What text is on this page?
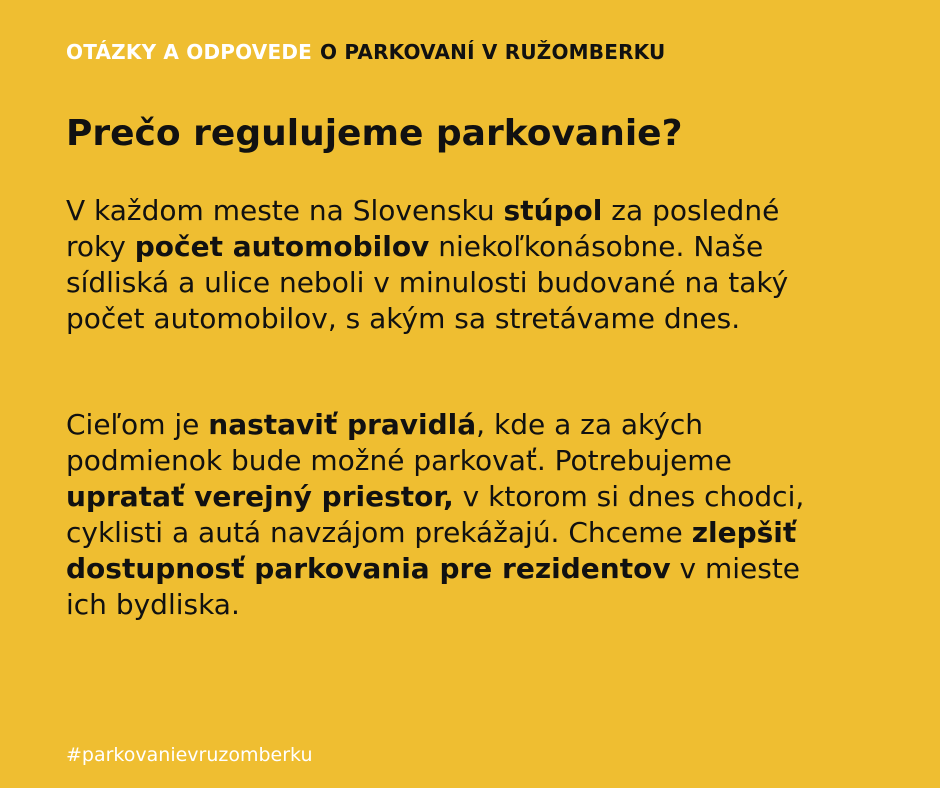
OTÁZKY A ODPOVEDE O PARKOVANÍ V RUŽOMBERKU
Prečo regulujeme parkovanie?

V každom meste na Slovensku stúpol za posledné roky počet automobilov niekoľkonásobne. Naše sídliská a ulice neboli v minulosti budované na taký počet automobilov, s akým sa stretávame dnes.

Cieľom je nastaviť pravidlá, kde a za akých podmienok bude možné parkovať. Potrebujeme upratať verejný priestor, v ktorom si dnes chodci, cyklisti a autá navzájom prekážajú. Chceme zlepšiť dostupnosť parkovania pre rezidentov v mieste ich bydliska.

#parkovanievruzomberku
